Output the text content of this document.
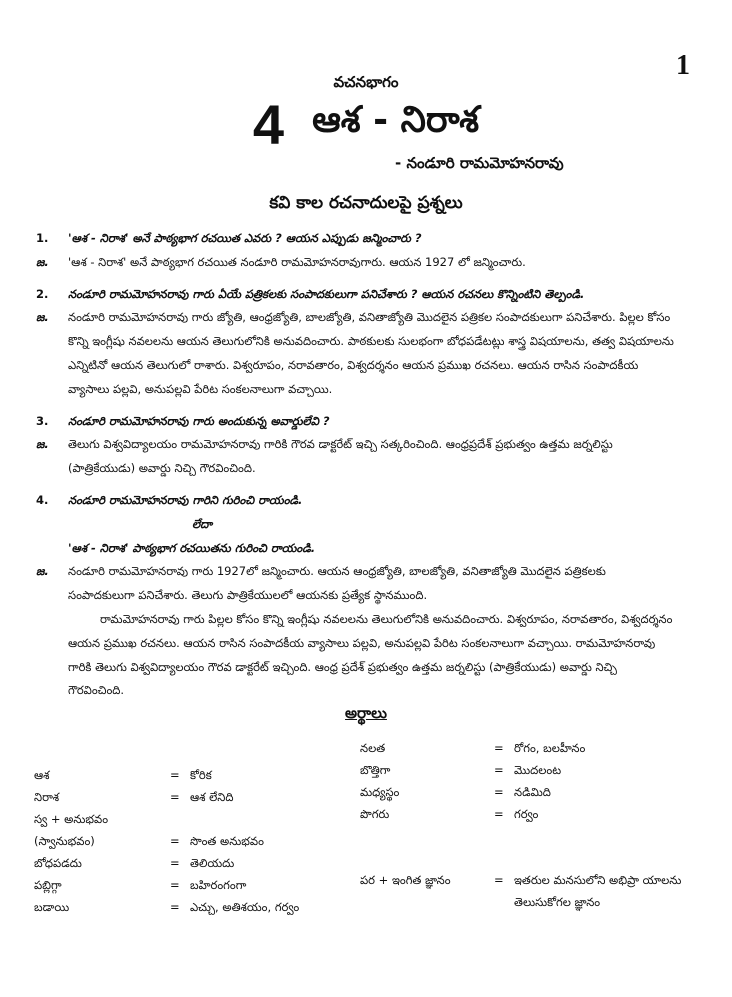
1
వచనభాగం
4 ఆశ - నిరాశ
- నండూరి రామమోహనరావు
కవి కాల రచనాదులపై ప్రశ్నలు
1.	'ఆశ - నిరాశ' అనే పాఠ్యభాగ రచయిత ఎవరు ? ఆయన ఎప్పుడు జన్మించారు ?
జ.	'ఆశ - నిరాశ' అనే పాఠ్యభాగ రచయిత నండూరి రామమోహనరావుగారు. ఆయన 1927 లో జన్మించారు.
2.	నండూరి రామమోహనరావు గారు ఏయే పత్రికలకు సంపాదకులుగా పనిచేశారు ? ఆయన రచనలు కొన్నింటిని తెల్పండి.
జ.	నండూరి రామమోహనరావు గారు జ్యోతి, ఆంధ్రజ్యోతి, బాలజ్యోతి, వనితాజ్యోతి మొదలైన పత్రికల సంపాదకులుగా పనిచేశారు. పిల్లల కోసం కొన్ని ఇంగ్లీషు నవలలను ఆయన తెలుగులోనికి అనువదించారు. పాఠకులకు సులభంగా బోధపడేటట్లు శాస్త్ర విషయాలను, తత్వ విషయాలను ఎన్నిటినో ఆయన తెలుగులో రాశారు. విశ్వరూపం, నరావతారం, విశ్వదర్శనం ఆయన ప్రముఖ రచనలు. ఆయన రాసిన సంపాదకీయ వ్యాసాలు పల్లవి, అనుపల్లవి పేరిట సంకలనాలుగా వచ్చాయి.
3.	నండూరి రామమోహనరావు గారు అందుకున్న అవార్డులేవి ?
జ.	తెలుగు విశ్వవిద్యాలయం రామమోహనరావు గారికి గౌరవ డాక్టరేట్ ఇచ్చి సత్కరించింది. ఆంధ్రప్రదేశ్ ప్రభుత్వం ఉత్తమ జర్నలిస్టు (పాత్రికేయుడు) అవార్డు నిచ్చి గౌరవించింది.
4.	నండూరి రామమోహనరావు గారిని గురించి రాయండి.
లేదా
'ఆశ - నిరాశ' పాఠ్యభాగ రచయితను గురించి రాయండి.
జ.	నండూరి రామమోహనరావు గారు 1927లో జన్మించారు. ఆయన ఆంధ్రజ్యోతి, బాలజ్యోతి, వనితాజ్యోతి మొదలైన పత్రికలకు సంపాదకులుగా పనిచేశారు. తెలుగు పాత్రికేయులలో ఆయనకు ప్రత్యేక స్థానముంది.
రామమోహనరావు గారు పిల్లల కోసం కొన్ని ఇంగ్లీషు నవలలను తెలుగులోనికి అనువదించారు. విశ్వరూపం, నరావతారం, విశ్వదర్శనం ఆయన ప్రముఖ రచనలు. ఆయన రాసిన సంపాదకీయ వ్యాసాలు పల్లవి, అనుపల్లవి పేరిట సంకలనాలుగా వచ్చాయి. రామమోహనరావు గారికి తెలుగు విశ్వవిద్యాలయం గౌరవ డాక్టరేట్ ఇచ్చింది. ఆంధ్ర ప్రదేశ్ ప్రభుత్వం ఉత్తమ జర్నలిస్టు (పాత్రికేయుడు) అవార్డు నిచ్చి గౌరవించింది.
అర్థాలు
ఆశ	= కోరిక
నిరాశ	= ఆశ లేనిది
స్వ + అనుభవం
(స్వానుభవం)	= సొంత అనుభవం
బోధపడదు	= తెలియదు
పబ్లిగ్గా	= బహిరంగంగా
బడాయి	= ఎచ్చు, అతిశయం, గర్వం
నలత	= రోగం, బలహీనం
బొత్తిగా	= మొదలంట
మధ్యస్థం	= నడిమిది
పొగరు	= గర్వం
పర + ఇంగిత జ్ఞానం	= ఇతరుల మనసులోని అభిప్రా యాలను తెలుసుకోగల జ్ఞానం
